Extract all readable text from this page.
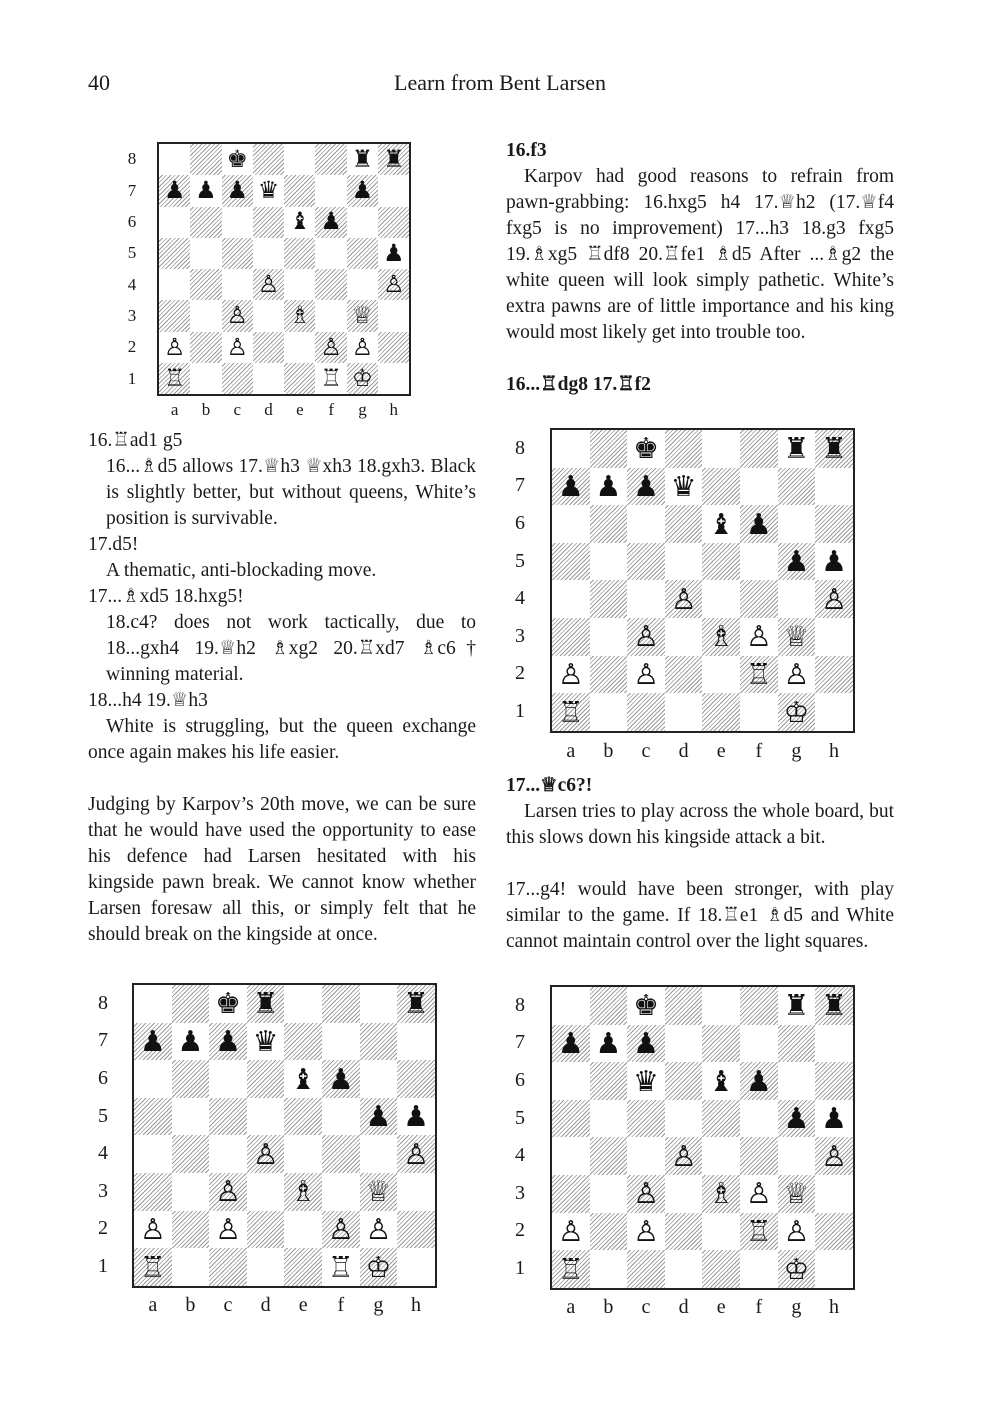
40	Learn from Bent Larsen
♚	♜ ♜
♟ ♟ ♟ ♛	♟
♝ ♟
♟
♙	♙
♙ ♗ ♕
♙ ♙	♙ ♙
♖	♖ ♔
8
7
6
5
4
3
2
1
a	b	c	d	e	f	g	h
♚	♜ ♜
♟ ♟ ♟ ♛
♝ ♟
♟ ♟
♙	♙
♙ ♗ ♙ ♕
♙ ♙	♖ ♙
♖	♔
8
7
6
5
4
3
2
1
a	b	c	d	e	f	g	h
♚ ♜	♜
♟ ♟ ♟ ♛
♝ ♟
♟ ♟
♙	♙
♙ ♗ ♕
♙ ♙	♙ ♙
♖	♖ ♔
8
7
6
5
4
3
2
1
a	b	c	d	e	f	g	h
♚	♜ ♜
♟ ♟ ♟
♛ ♝ ♟
♟ ♟
♙	♙
♙ ♗ ♙ ♕
♙ ♙	♖ ♙
♖	♔
8
7
6
5
4
3
2
1
a	b	c	d	e	f	g	h

16.♖ad1 g5

16...♗d5 allows 17.♕h3 ♕xh3 18.gxh3. Black is slightly better, but without queens, White’s position is survivable.

17.d5!

A thematic, anti-blockading move.

17...♗xd5 18.hxg5!

18.c4? does not work tactically, due to 18...gxh4 19.♕h2 ♗xg2 20.♖xd7 ♗c6† winning material.

18...h4 19.♕h3

White is struggling, but the queen exchange once again makes his life easier.

Judging by Karpov’s 20th move, we can be sure that he would have used the opportunity to ease his defence had Larsen hesitated with his kingside pawn break. We cannot know whether Larsen foresaw all this, or simply felt that he should break on the kingside at once.

16.f3

Karpov had good reasons to refrain from pawn-grabbing: 16.hxg5 h4 17.♕h2 (17.♕f4 fxg5 is no improvement) 17...h3 18.g3 fxg5 19.♗xg5 ♖df8 20.♖fe1 ♗d5 After ...♗g2 the white queen will look simply pathetic. White’s extra pawns are of little importance and his king would most likely get into trouble too.

16...♖dg8 17.♖f2

17...♕c6?!

Larsen tries to play across the whole board, but this slows down his kingside attack a bit.

17...g4! would have been stronger, with play similar to the game. If 18.♖e1 ♗d5 and White cannot maintain control over the light squares.
